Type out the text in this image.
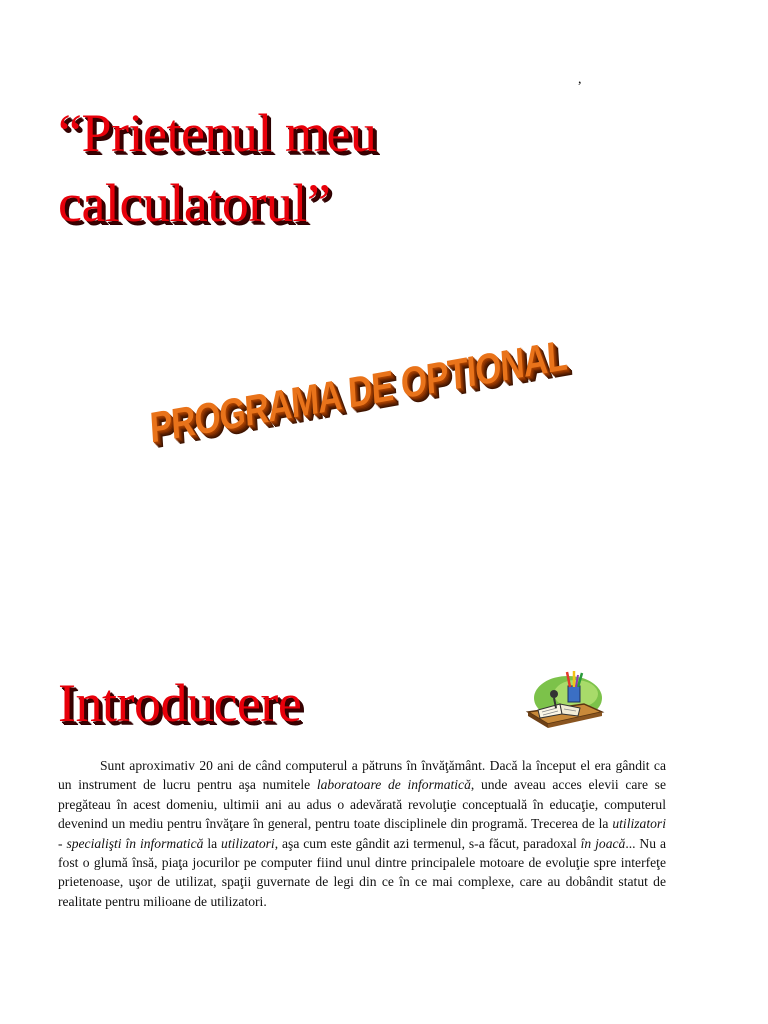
,
“Prietenul meu calculatorul”
PROGRAMA DE OPTIONAL
Introducere

Sunt aproximativ 20 ani de când computerul a pătruns în învăţământ. Dacă la început el era gândit ca un instrument de lucru pentru aşa numitele laboratoare de informatică, unde aveau acces elevii care se pregăteau în acest domeniu, ultimii ani au adus o adevărată revoluţie conceptuală în educaţie, computerul devenind un mediu pentru învăţare în general, pentru toate disciplinele din programă. Trecerea de la utilizatori - specialişti în informatică la utilizatori, aşa cum este gândit azi termenul, s-a făcut, paradoxal în joacă... Nu a fost o glumă însă, piaţa jocurilor pe computer fiind unul dintre principalele motoare de evoluţie spre interfeţe prietenoase, uşor de utilizat, spaţii guvernate de legi din ce în ce mai complexe, care au dobândit statut de realitate pentru milioane de utilizatori.
